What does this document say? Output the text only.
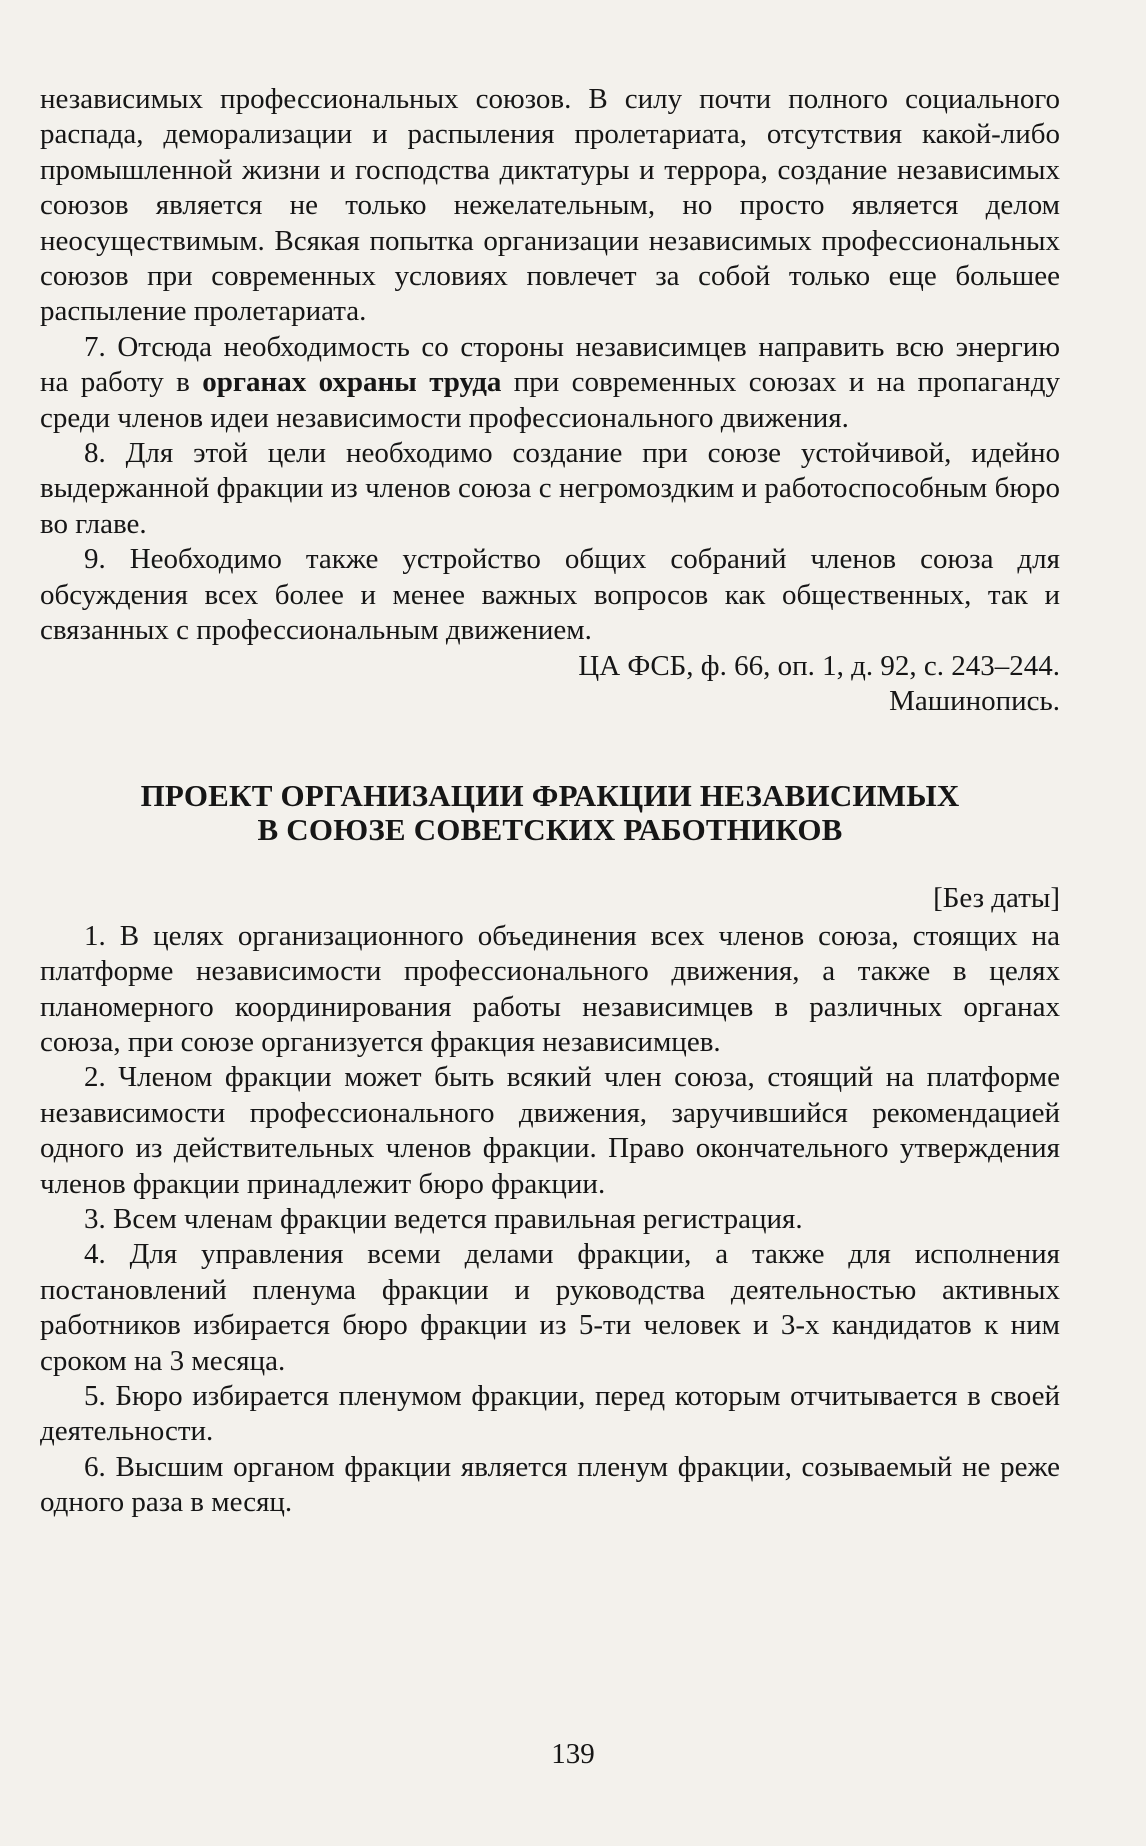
независимых профессиональных союзов. В силу почти полного социального распада, деморализации и распыления пролетариата, отсутствия какой-либо промышленной жизни и господства диктатуры и террора, создание независимых союзов является не только нежелательным, но просто является делом неосуществимым. Всякая попытка организации независимых профессиональных союзов при современных условиях повлечет за собой только еще большее распыление пролетариата.

7. Отсюда необходимость со стороны независимцев направить всю энергию на работу в органах охраны труда при современных союзах и на пропаганду среди членов идеи независимости профессионального движения.

8. Для этой цели необходимо создание при союзе устойчивой, идейно выдержанной фракции из членов союза с негромоздким и работоспособным бюро во главе.

9. Необходимо также устройство общих собраний членов союза для обсуждения всех более и менее важных вопросов как общественных, так и связанных с профессиональным движением.

ЦА ФСБ, ф. 66, оп. 1, д. 92, с. 243–244.
Машинопись.
ПРОЕКТ ОРГАНИЗАЦИИ ФРАКЦИИ НЕЗАВИСИМЫХ
В СОЮЗЕ СОВЕТСКИХ РАБОТНИКОВ
[Без даты]

1. В целях организационного объединения всех членов союза, стоящих на платформе независимости профессионального движения, а также в целях планомерного координирования работы независимцев в различных органах союза, при союзе организуется фракция независимцев.

2. Членом фракции может быть всякий член союза, стоящий на платформе независимости профессионального движения, заручившийся рекомендацией одного из действительных членов фракции. Право окончательного утверждения членов фракции принадлежит бюро фракции.

3. Всем членам фракции ведется правильная регистрация.

4. Для управления всеми делами фракции, а также для исполнения постановлений пленума фракции и руководства деятельностью активных работников избирается бюро фракции из 5-ти человек и 3-х кандидатов к ним сроком на 3 месяца.

5. Бюро избирается пленумом фракции, перед которым отчитывается в своей деятельности.

6. Высшим органом фракции является пленум фракции, созываемый не реже одного раза в месяц.

139
